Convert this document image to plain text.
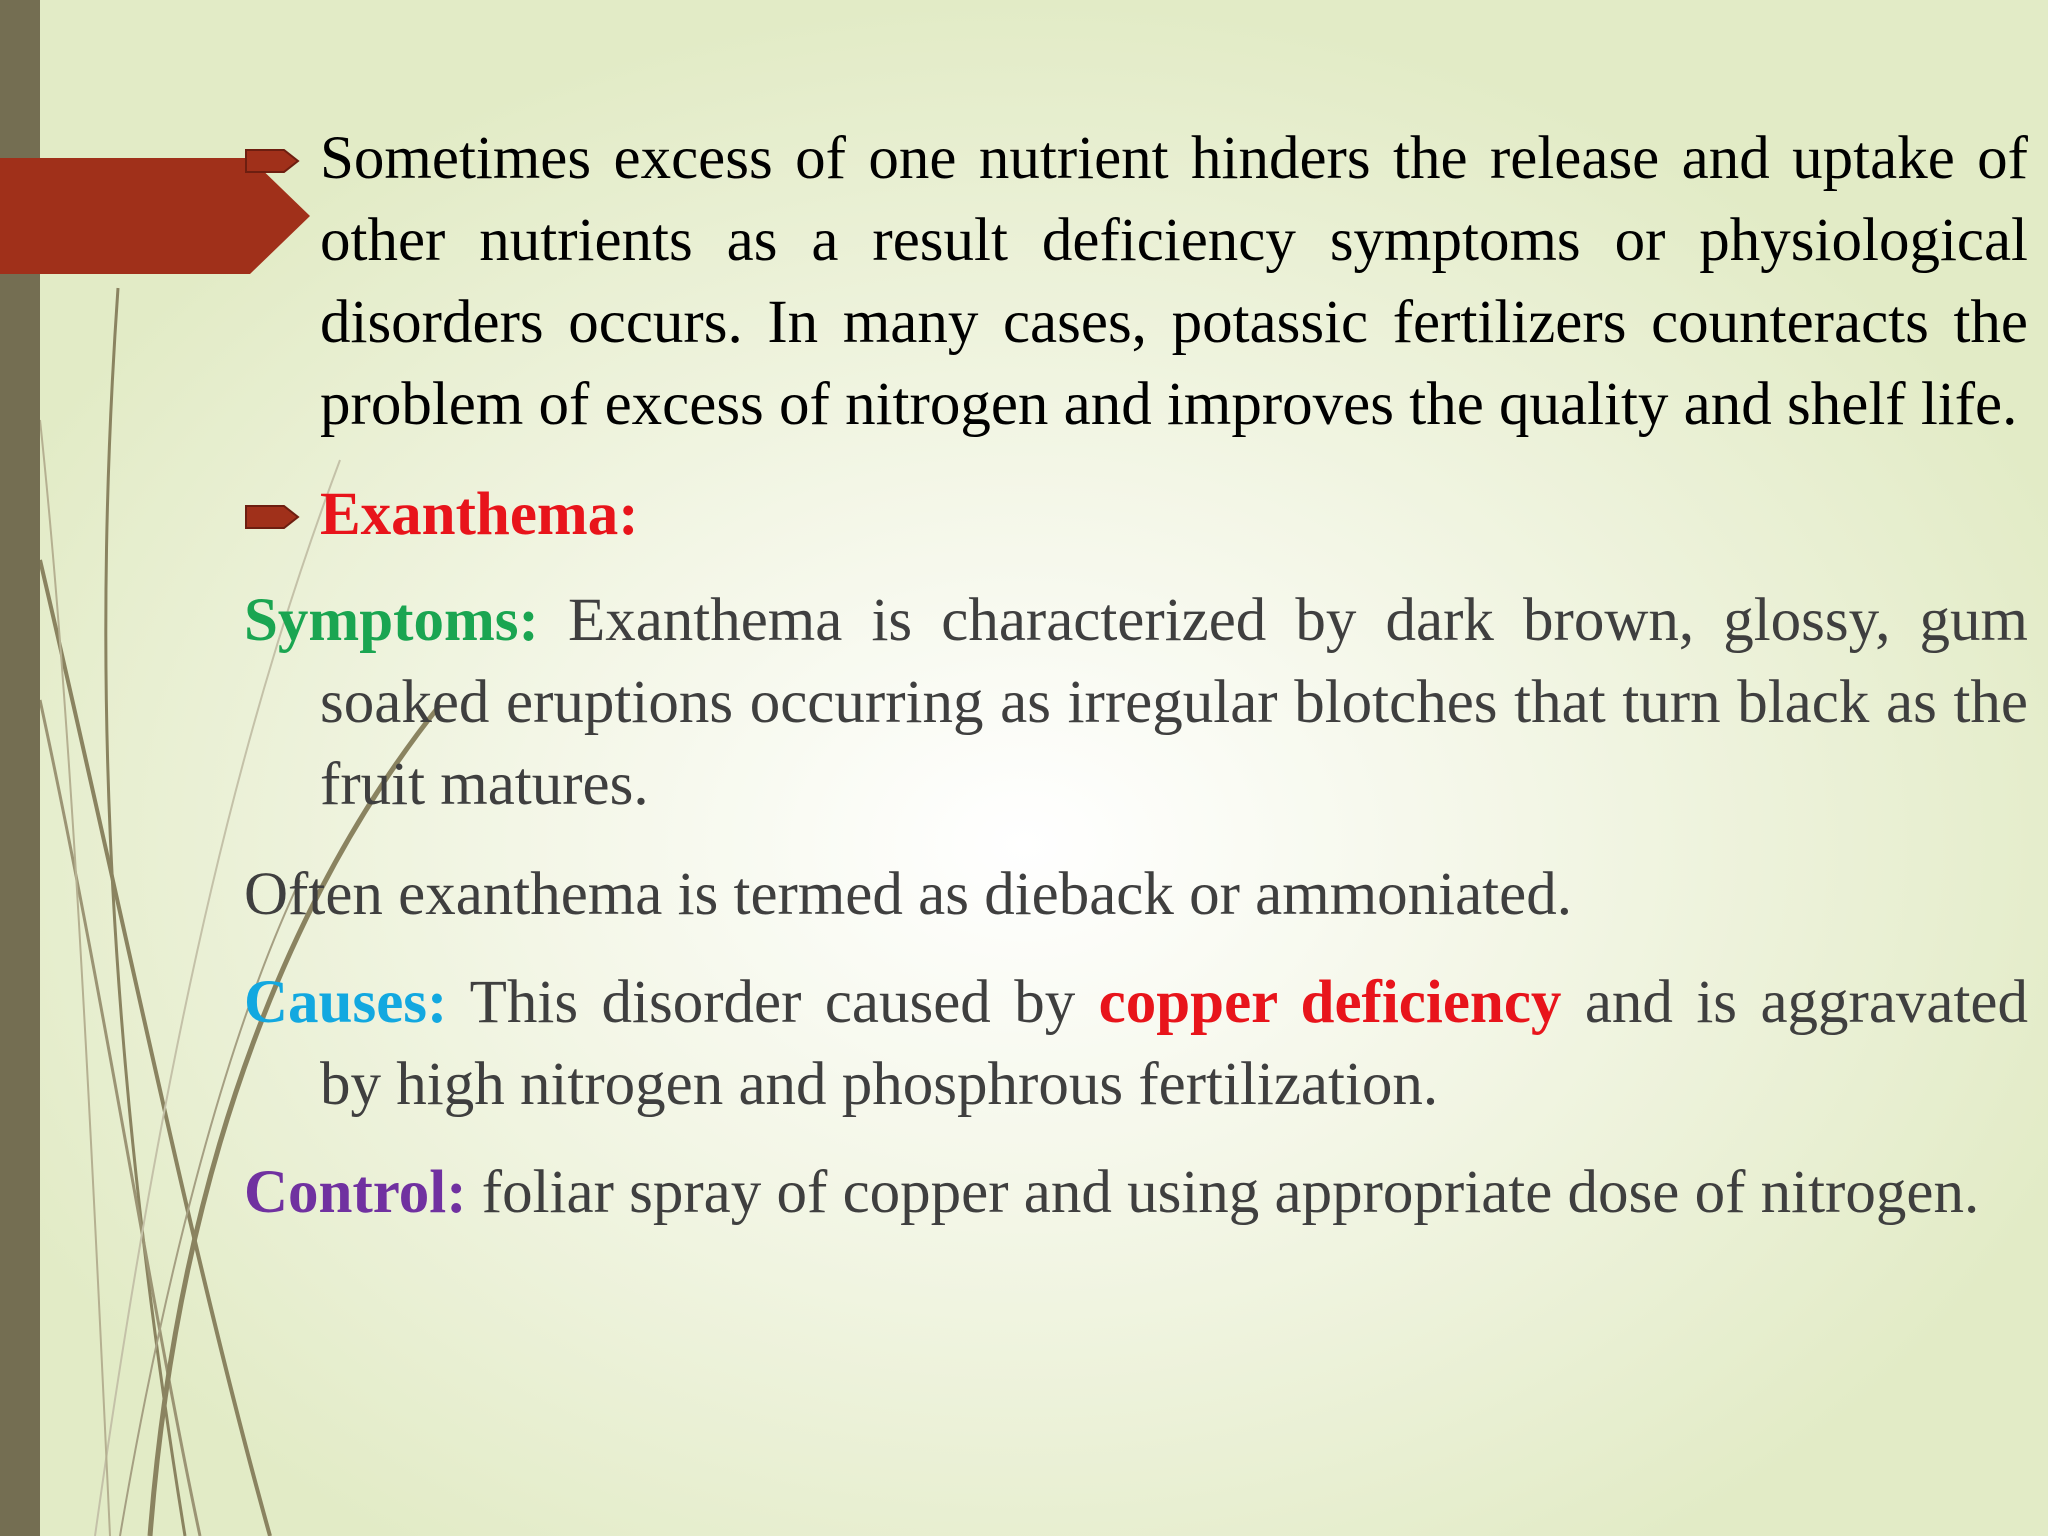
Sometimes excess of one nutrient hinders the release and uptake of other nutrients as a result deficiency symptoms or physiological disorders occurs. In many cases, potassic fertilizers counteracts the problem of excess of nitrogen and improves the quality and shelf life.

Exanthema:

Symptoms: Exanthema is characterized by dark brown, glossy, gum soaked eruptions occurring as irregular blotches that turn black as the fruit matures.

Often exanthema is termed as dieback or ammoniated.

Causes: This disorder caused by copper deficiency and is aggravated by high nitrogen and phosphrous fertilization.

Control: foliar spray of copper and using appropriate dose of nitrogen.
